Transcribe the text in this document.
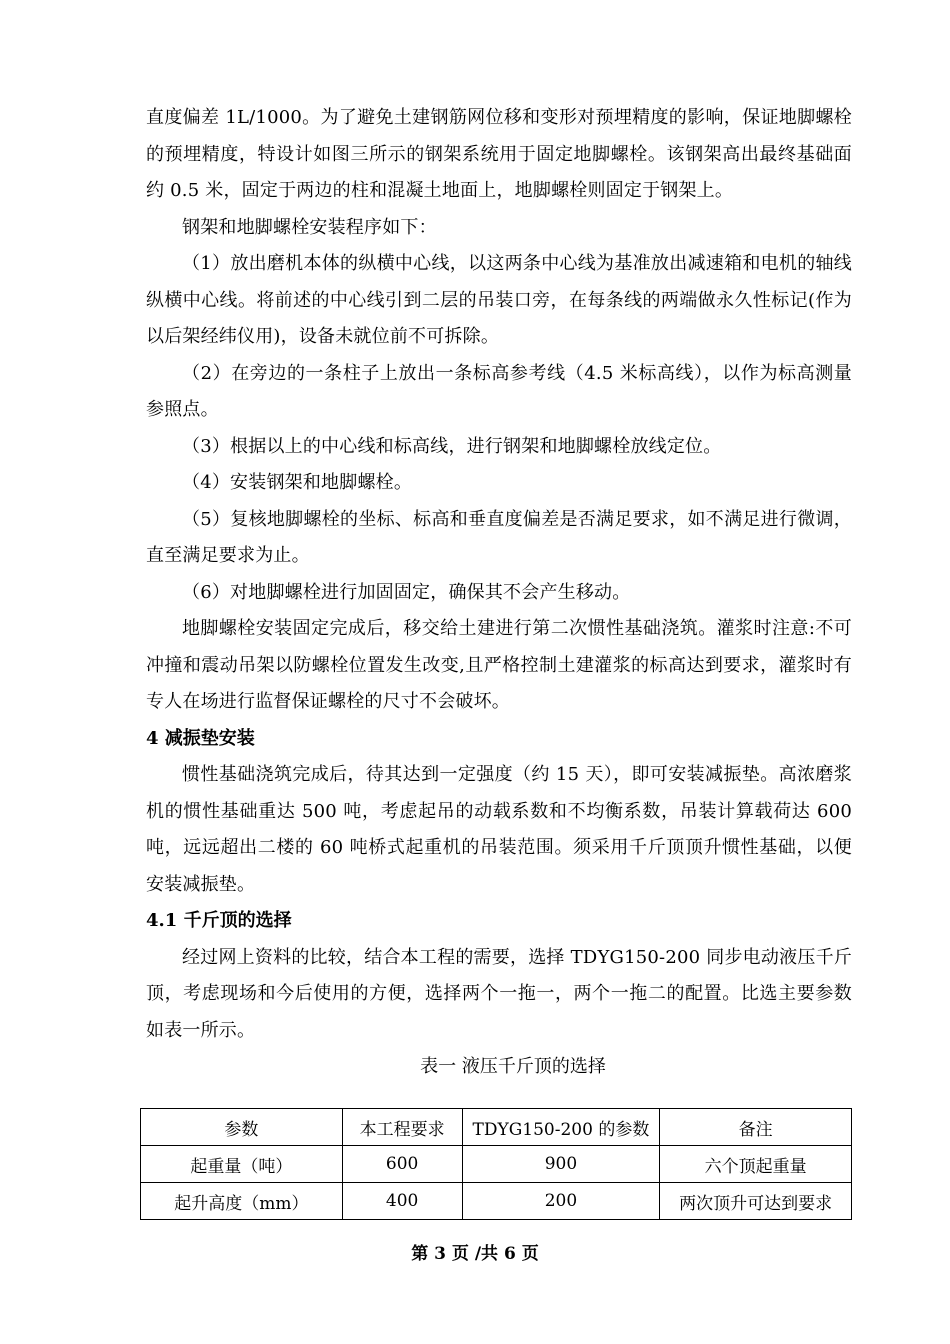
直度偏差 1L/1000。为了避免土建钢筋网位移和变形对预埋精度的影响，保证地脚螺栓的预埋精度，特设计如图三所示的钢架系统用于固定地脚螺栓。该钢架高出最终基础面约 0.5 米，固定于两边的柱和混凝土地面上，地脚螺栓则固定于钢架上。

钢架和地脚螺栓安装程序如下：

（1）放出磨机本体的纵横中心线，以这两条中心线为基准放出减速箱和电机的轴线纵横中心线。将前述的中心线引到二层的吊装口旁，在每条线的两端做永久性标记(作为以后架经纬仪用)，设备未就位前不可拆除。

（2）在旁边的一条柱子上放出一条标高参考线（4.5 米标高线），以作为标高测量参照点。

（3）根据以上的中心线和标高线，进行钢架和地脚螺栓放线定位。

（4）安装钢架和地脚螺栓。

（5）复核地脚螺栓的坐标、标高和垂直度偏差是否满足要求，如不满足进行微调，直至满足要求为止。

（6）对地脚螺栓进行加固固定，确保其不会产生移动。

地脚螺栓安装固定完成后，移交给土建进行第二次惯性基础浇筑。灌浆时注意:不可冲撞和震动吊架以防螺栓位置发生改变,且严格控制土建灌浆的标高达到要求，灌浆时有专人在场进行监督保证螺栓的尺寸不会破坏。

4 减振垫安装

惯性基础浇筑完成后，待其达到一定强度（约 15 天），即可安装减振垫。高浓磨浆机的惯性基础重达 500 吨，考虑起吊的动载系数和不均衡系数，吊装计算载荷达 600 吨，远远超出二楼的 60 吨桥式起重机的吊装范围。须采用千斤顶顶升惯性基础，以便安装减振垫。

4.1 千斤顶的选择

经过网上资料的比较，结合本工程的需要，选择 TDYG150-200 同步电动液压千斤顶，考虑现场和今后使用的方便，选择两个一拖一，两个一拖二的配置。比选主要参数如表一所示。

表一 液压千斤顶的选择

参数	本工程要求	TDYG150-200 的参数	备注
起重量（吨）	600	900	六个顶起重量
起升高度（mm）	400	200	两次顶升可达到要求
第 3 页 /共 6 页
